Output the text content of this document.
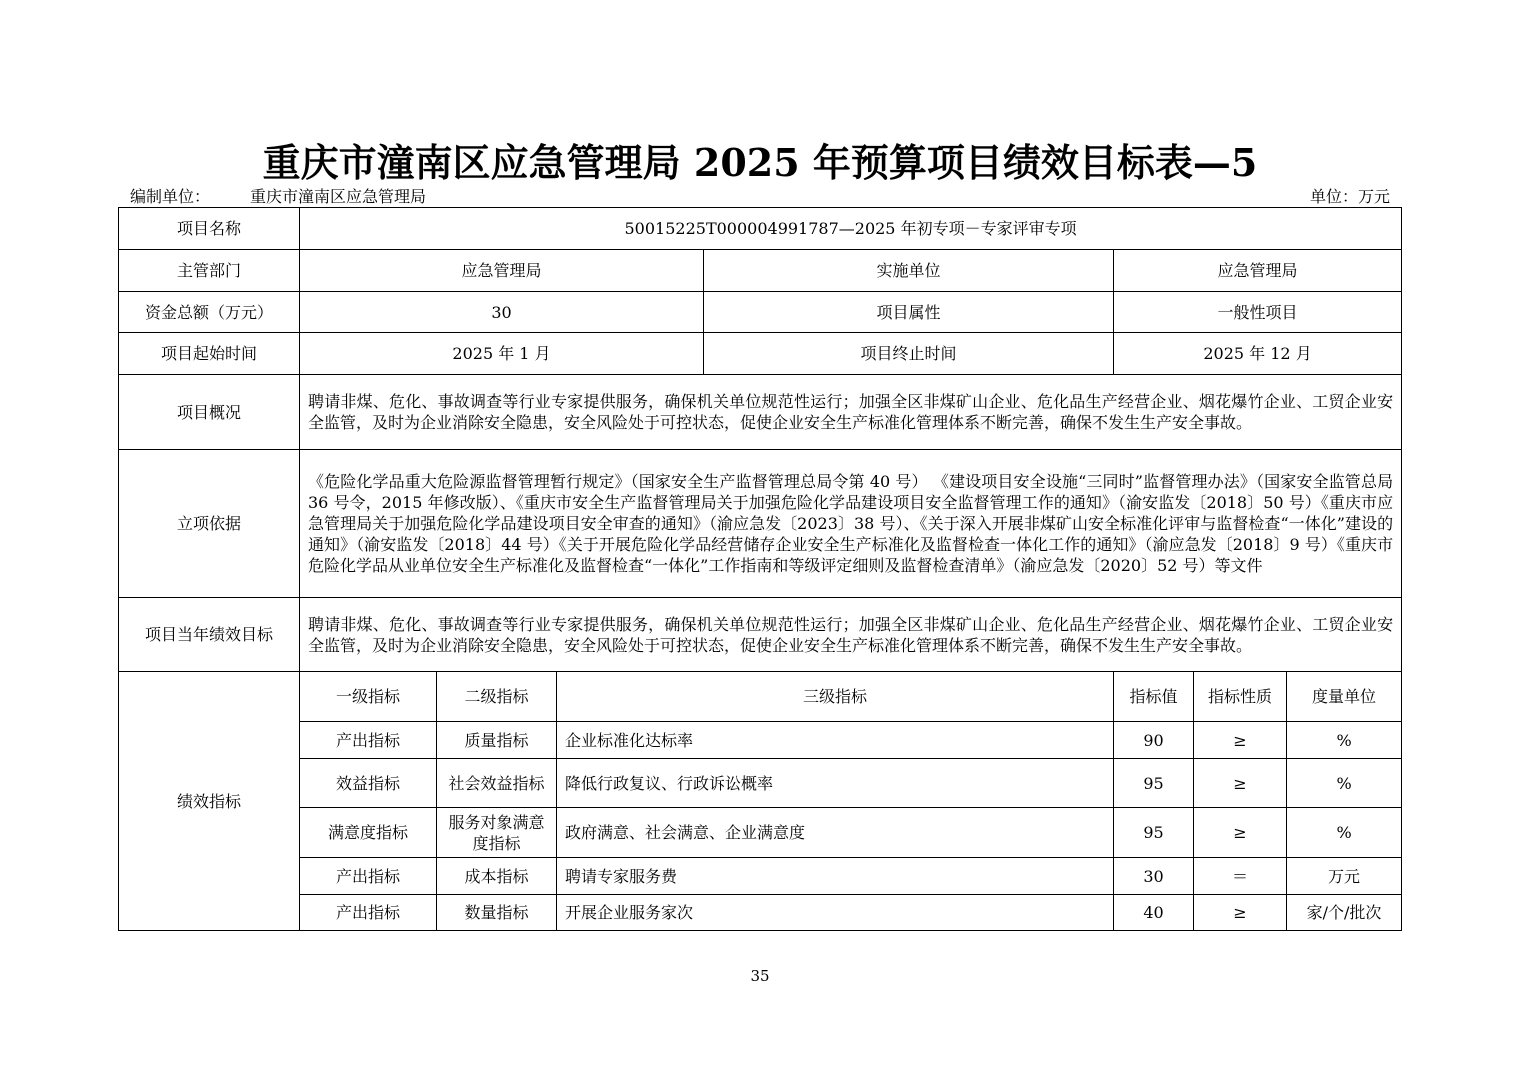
重庆市潼南区应急管理局 2025 年预算项目绩效目标表—5
编制单位：	重庆市潼南区应急管理局	单位：万元
项目名称	50015225T000004991787—2025 年初专项－专家评审专项						
主管部门	应急管理局			实施单位	应急管理局		
资金总额（万元）	30			项目属性	一般性项目		
项目起始时间	2025 年 1 月			项目终止时间	2025 年 12 月		
项目概况	聘请非煤、危化、事故调查等行业专家提供服务，确保机关单位规范性运行；加强全区非煤矿山企业、危化品生产经营企业、烟花爆竹企业、工贸企业安全监管，及时为企业消除安全隐患，安全风险处于可控状态，促使企业安全生产标准化管理体系不断完善，确保不发生生产安全事故。						
立项依据	《危险化学品重大危险源监督管理暂行规定》（国家安全生产监督管理总局令第 40 号） 《建设项目安全设施“三同时”监督管理办法》（国家安全监管总局 36 号令，2015 年修改版）、《重庆市安全生产监督管理局关于加强危险化学品建设项目安全监督管理工作的通知》（渝安监发〔2018〕50 号）《重庆市应急管理局关于加强危险化学品建设项目安全审查的通知》（渝应急发〔2023〕38 号）、《关于深入开展非煤矿山安全标准化评审与监督检查“一体化”建设的通知》（渝安监发〔2018〕44 号）《关于开展危险化学品经营储存企业安全生产标准化及监督检查一体化工作的通知》（渝应急发〔2018〕9 号）《重庆市危险化学品从业单位安全生产标准化及监督检查“一体化”工作指南和等级评定细则及监督检查清单》（渝应急发〔2020〕52 号）等文件						
项目当年绩效目标	聘请非煤、危化、事故调查等行业专家提供服务，确保机关单位规范性运行；加强全区非煤矿山企业、危化品生产经营企业、烟花爆竹企业、工贸企业安全监管，及时为企业消除安全隐患，安全风险处于可控状态，促使企业安全生产标准化管理体系不断完善，确保不发生生产安全事故。						
绩效指标	一级指标	二级指标	三级指标		指标值	指标性质	度量单位
	产出指标	质量指标	企业标准化达标率		90	≥	%
	效益指标	社会效益指标	降低行政复议、行政诉讼概率		95	≥	%
	满意度指标	服务对象满意度指标	政府满意、社会满意、企业满意度		95	≥	%
	产出指标	成本指标	聘请专家服务费		30	＝	万元
	产出指标	数量指标	开展企业服务家次		40	≥	家/个/批次
35
